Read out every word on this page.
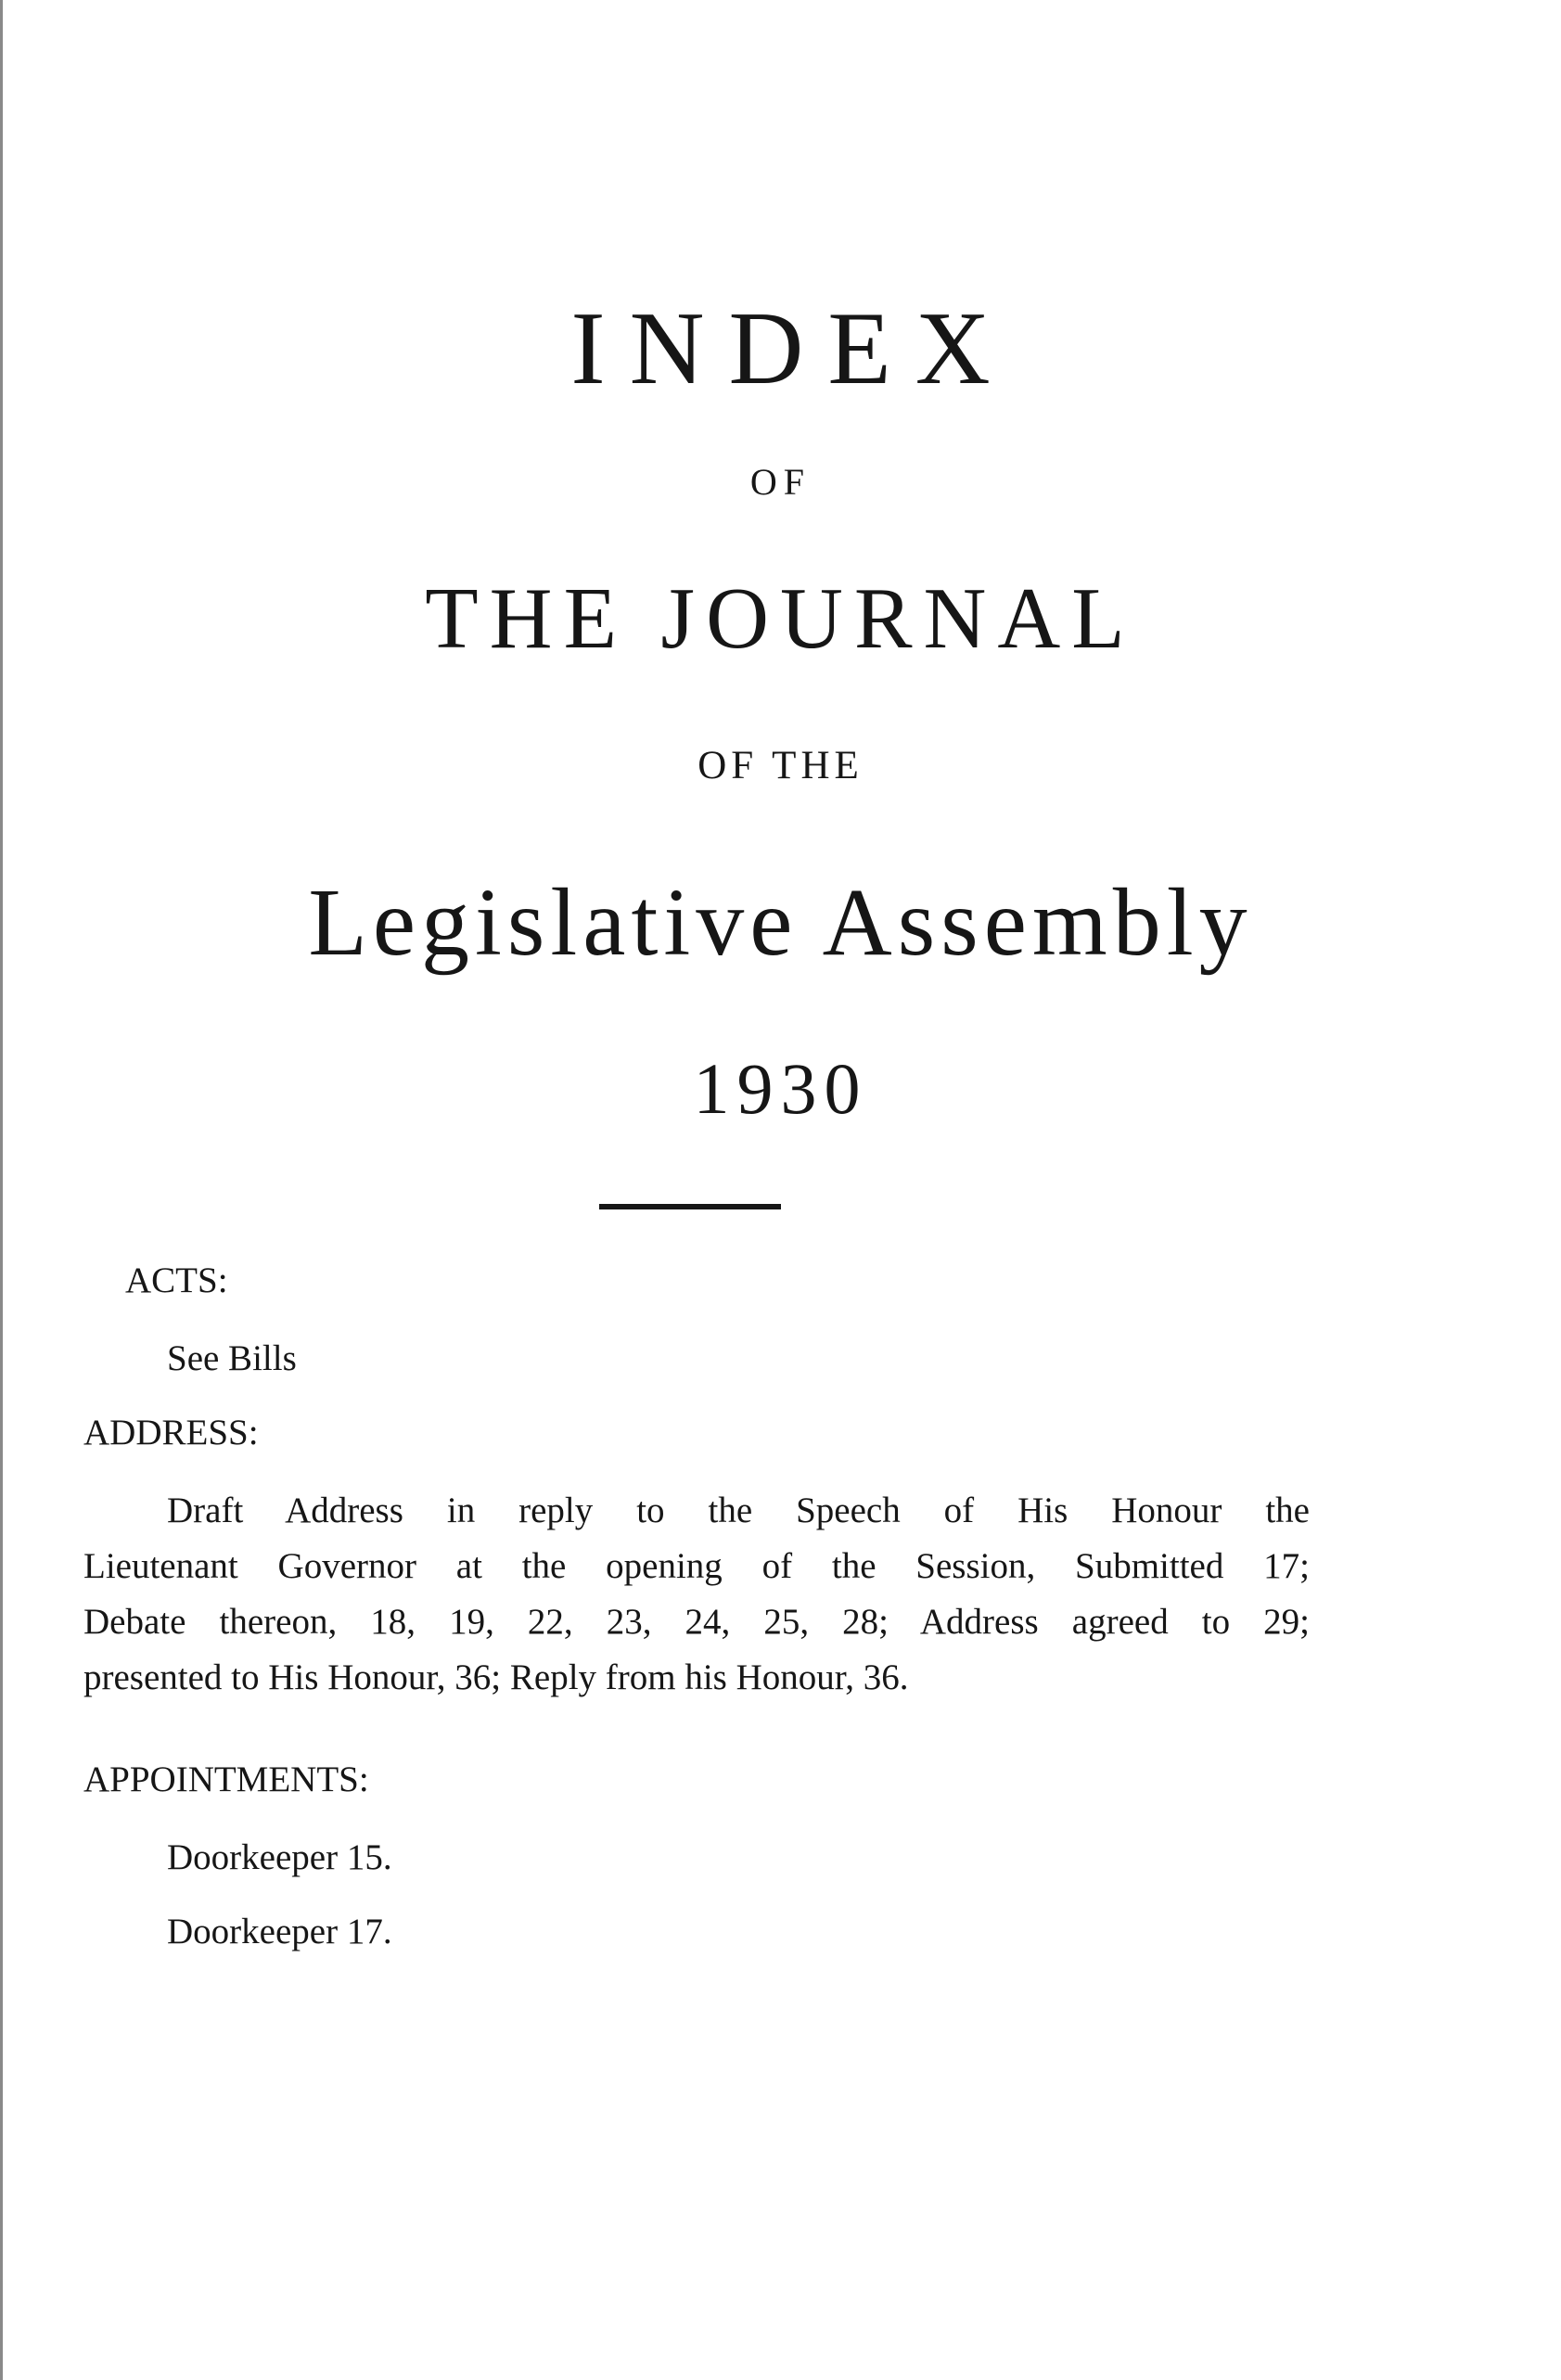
INDEX
OF
THE JOURNAL
OF THE
Legislative Assembly
1930
ACTS:
See Bills
ADDRESS:
Draft Address in reply to the Speech of His Honour the
Lieutenant Governor at the opening of the Session, Submitted 17;
Debate thereon, 18, 19, 22, 23, 24, 25, 28; Address agreed to 29;
presented to His Honour, 36; Reply from his Honour, 36.
APPOINTMENTS:
Doorkeeper 15.
Doorkeeper 17.
